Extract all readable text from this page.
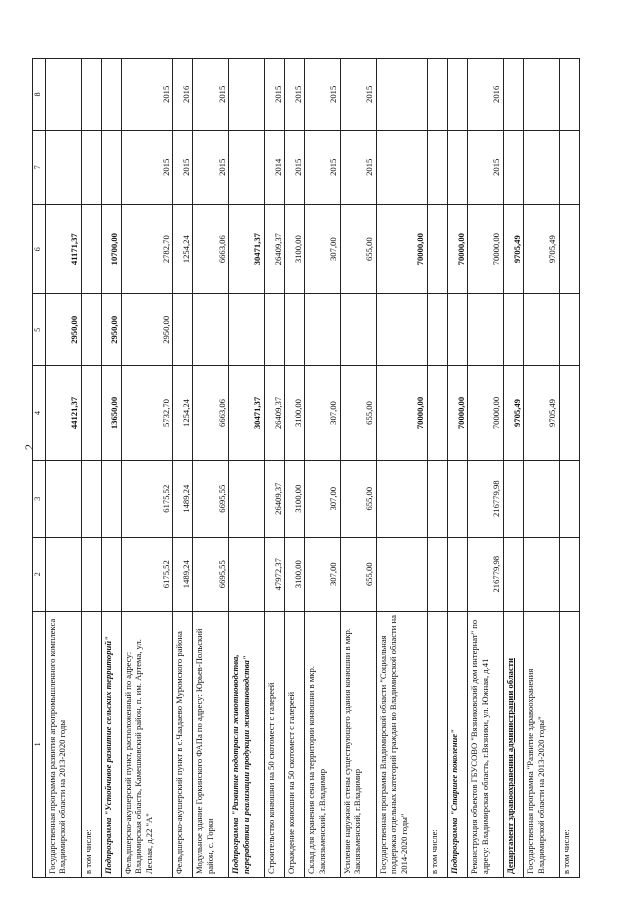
2
1	2	3	4	5	6	7	8
Государственная программа развития агропромышленного комплекса Владимирской области на 2013-2020 годы			44121,37	2950,00	41171,37		
в том числе:							
Подпрограмма "Устойчивое развитие сельских территорий"			13650,00	2950,00	10700,00		
Фельдшерско-акушерский пункт, расположенный по адресу: Владимирская область, Камешковский район, п. им. Артема, ул. Лесная, д.22 "А"	6175,52	6175,52	5732,70	2950,00	2782,70	2015	2015
Фельдшерско-акушерский пункт в с.Чаадаево Муромского района	1489,24	1489,24	1254,24		1254,24	2015	2016
Модульное здание Горкинского ФАПа по адресу: Юрьев-Польский район, с. Горки	6695,55	6695,55	6663,06		6663,06	2015	2015
Подпрограмма "Развитие подотрасли животноводства, переработки и реализации продукции животноводства"			30471,37		30471,37		
Строительство конюшни на 50 скотомест с галереей	47972,37	26409,37	26409,37		26409,37	2014	2015
Ограждение конюшни на 50 скотомест с галереей	3100,00	3100,00	3100,00		3100,00	2015	2015
Склад для хранения сена на территории конюшни в мкр. Заклязьменский, г.Владимир	307,00	307,00	307,00		307,00	2015	2015
Усиление наружной стены существующего здания конюшни в мкр. Заклязьменский, г.Владимир	655,00	655,00	655,00		655,00	2015	2015
Государственная программа Владимирской области "Социальная поддержка отдельных категорий граждан во Владимирской области на 2014-2020 годы"			70000,00		70000,00		
в том числе:							
Подпрограмма "Старшее поколение"			70000,00		70000,00		
Реконструкция объектов ГБУСОВО "Вязниковский дом интернат" по адресу: Владимирская область, г.Вязники, ул. Южная, д.41	216779,98	216779,98	70000,00		70000,00	2015	2016
Департамент здравоохранения администрации области			9705,49		9705,49		
Государственная программа "Развитие здравоохранения Владимирской области на 2013-2020 годы"			9705,49		9705,49		
в том числе:							
